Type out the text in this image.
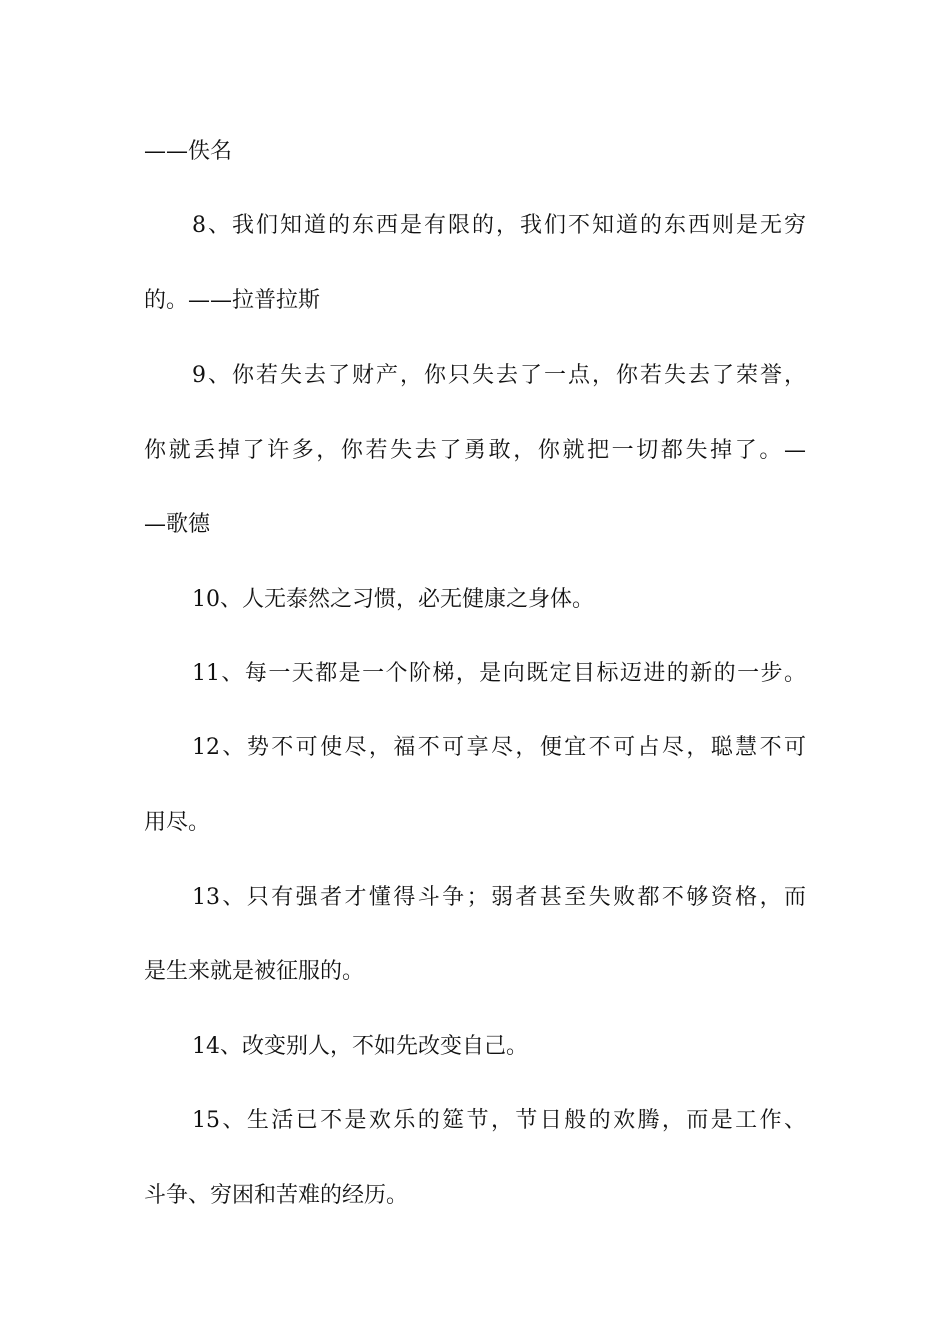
——佚名
8、我们知道的东西是有限的，我们不知道的东西则是无穷
的。——拉普拉斯
9、你若失去了财产，你只失去了一点，你若失去了荣誉，
你就丢掉了许多，你若失去了勇敢，你就把一切都失掉了。—
—歌德
10、人无泰然之习惯，必无健康之身体。
11、每一天都是一个阶梯，是向既定目标迈进的新的一步。
12、势不可使尽，福不可享尽，便宜不可占尽，聪慧不可
用尽。
13、只有强者才懂得斗争；弱者甚至失败都不够资格，而
是生来就是被征服的。
14、改变别人，不如先改变自己。
15、生活已不是欢乐的筵节，节日般的欢腾，而是工作、
斗争、穷困和苦难的经历。
